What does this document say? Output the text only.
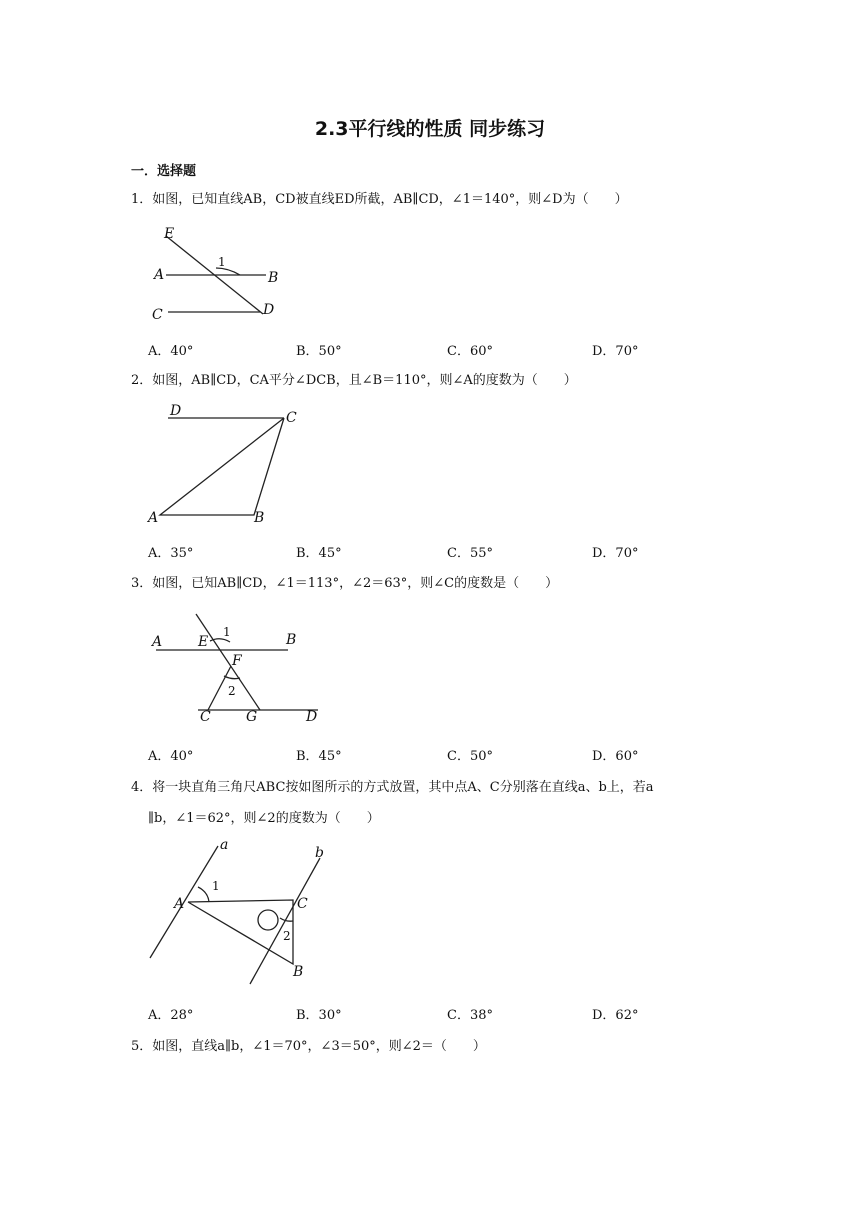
2.3平行线的性质 同步练习
一．选择题
1．如图，已知直线AB，CD被直线ED所截，AB∥CD，∠1＝140°，则∠D为（　　）
E
A	B
C	D
1
A．40°	B．50°	C．60°	D．70°
2．如图，AB∥CD，CA平分∠DCB，且∠B＝110°，则∠A的度数为（　　）
D	C
A	B
A．35°	B．45°	C．55°	D．70°
3．如图，已知AB∥CD，∠1＝113°，∠2＝63°，则∠C的度数是（　　）
A	E
1	B
F
2
C	G	D
A．40°	B．45°	C．50°	D．60°
4．将一块直角三角尺ABC按如图所示的方式放置，其中点A、C分别落在直线a、b上，若a
∥b，∠1＝62°，则∠2的度数为（　　）
a	b
1
A	C
2
B
A．28°	B．30°	C．38°	D．62°
5．如图，直线a∥b，∠1＝70°，∠3＝50°，则∠2＝（　　）
